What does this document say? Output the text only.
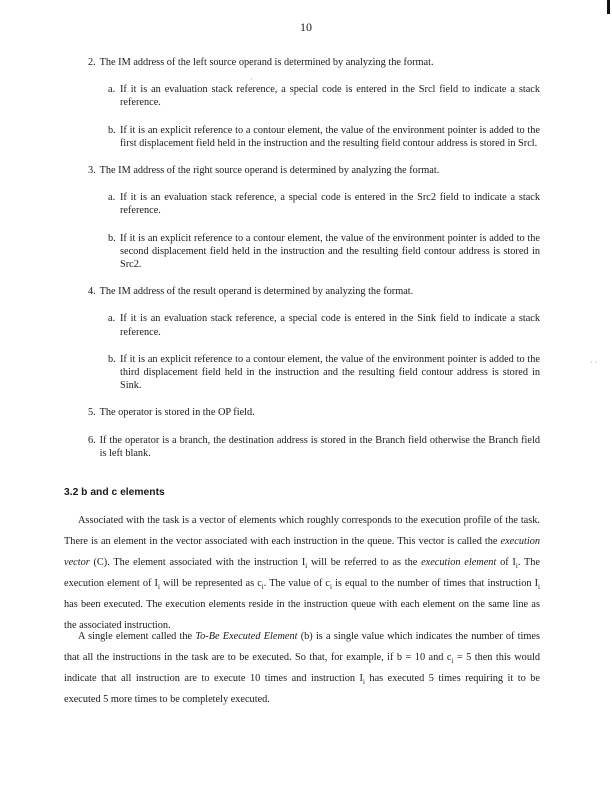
10
·
· ·
2.
The IM address of the left source operand is determined by analyzing the format.
a. If it is an evaluation stack reference, a special code is entered in the Srcl field to indicate a stack reference.
b. If it is an explicit reference to a contour element, the value of the environment pointer is added to the first displacement field held in the instruction and the resulting field contour address is stored in Srcl.
3.
The IM address of the right source operand is determined by analyzing the format.
a. If it is an evaluation stack reference, a special code is entered in the Src2 field to indicate a stack reference.
b. If it is an explicit reference to a contour element, the value of the environment pointer is added to the second displacement field held in the instruction and the resulting field contour address is stored in Src2.
4.
The IM address of the result operand is determined by analyzing the format.
a. If it is an evaluation stack reference, a special code is entered in the Sink field to indicate a stack reference.
b. If it is an explicit reference to a contour element, the value of the environment pointer is added to the third displacement field held in the instruction and the resulting field contour address is stored in Sink.
5.
The operator is stored in the OP field.
6.
If the operator is a branch, the destination address is stored in the Branch field otherwise the Branch field is left blank.
3.2 b and c elements

Associated with the task is a vector of elements which roughly corresponds to the execution profile of the task. There is an element in the vector associated with each instruction in the queue. This vector is called the execution vector (C). The element associated with the instruction $I_i$ will be referred to as the execution element of $I_i$. The execution element of $I_i$ will be represented as $c_i$. The value of $c_i$ is equal to the number of times that instruction $I_i$ has been executed. The execution elements reside in the instruction queue with each element on the same line as the associated instruction.

A single element called the To-Be Executed Element (b) is a single value which indicates the number of times that all the instructions in the task are to be executed. So that, for example, if b = 10 and $c_i = 5$ then this would indicate that all instruction are to execute 10 times and instruction $I_i$ has executed 5 times requiring it to be executed 5 more times to be completely executed.
